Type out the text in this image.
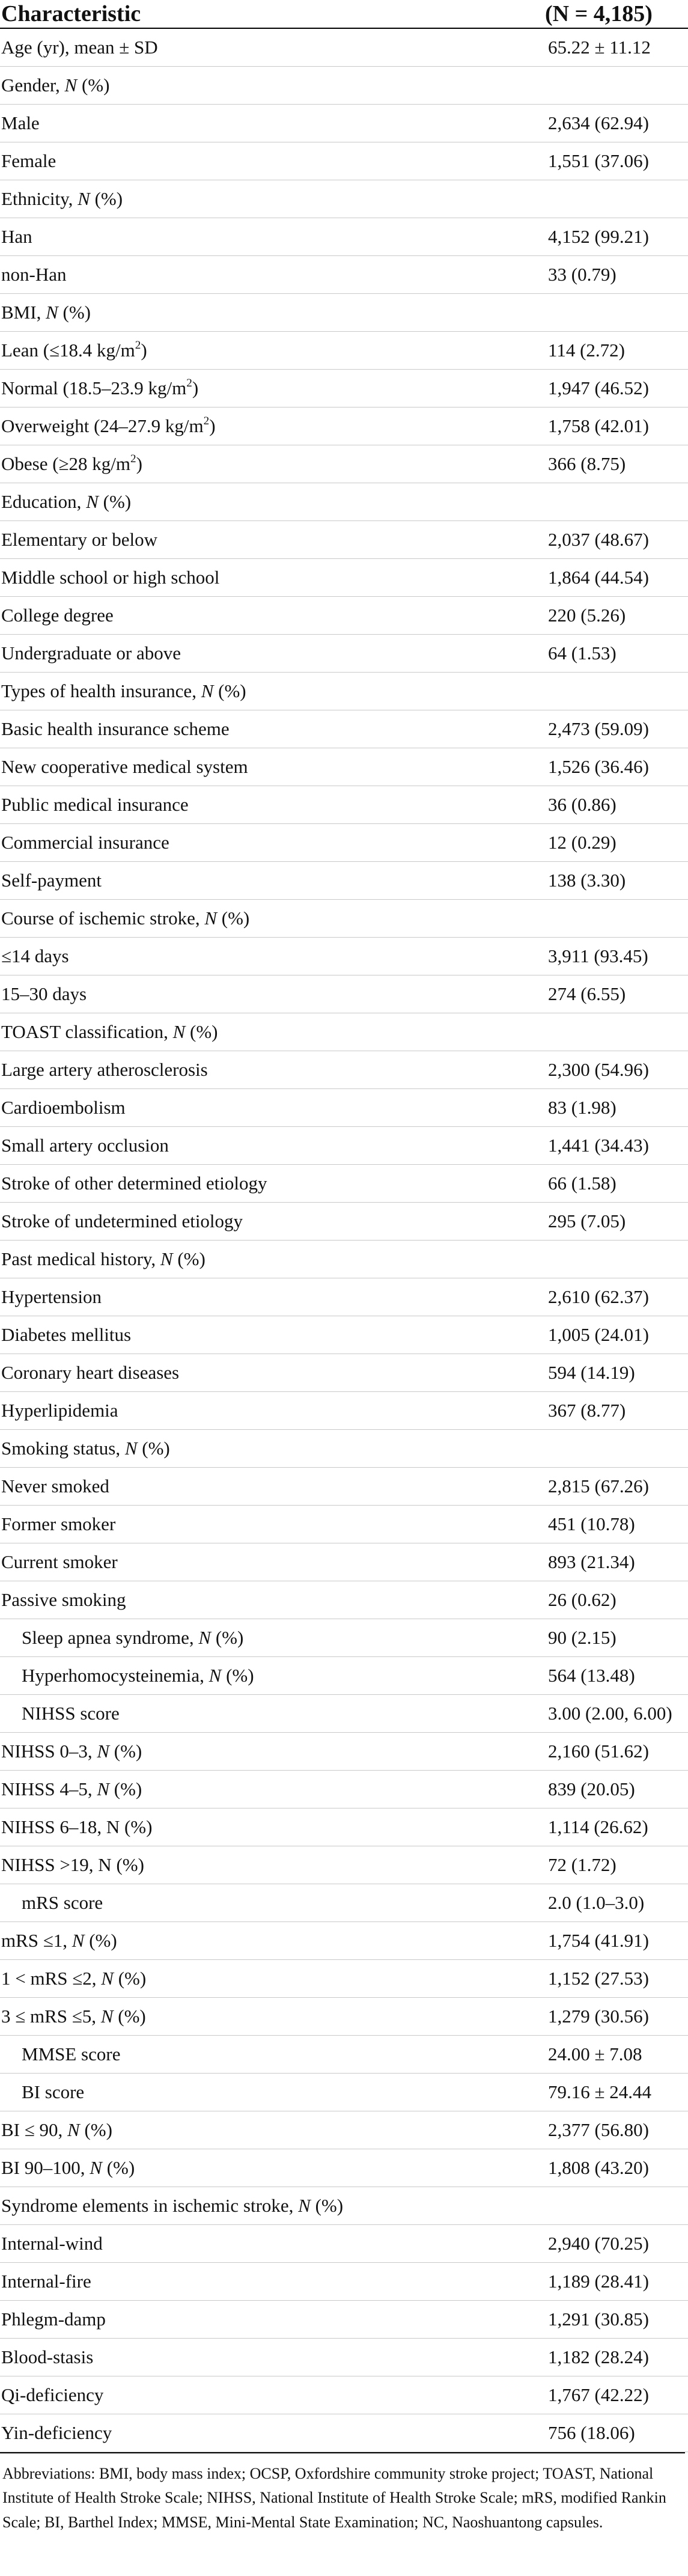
Characteristic	(N = 4,185)
Age (yr), mean ± SD	65.22 ± 11.12
Gender, N (%)
Male	2,634 (62.94)
Female	1,551 (37.06)
Ethnicity, N (%)
Han	4,152 (99.21)
non-Han	33 (0.79)
BMI, N (%)
Lean (≤18.4 $kg/m^2$)	114 (2.72)
Normal (18.5–23.9 $kg/m^2$)	1,947 (46.52)
Overweight (24–27.9 $kg/m^2$)	1,758 (42.01)
Obese (≥28 $kg/m^2$)	366 (8.75)
Education, N (%)
Elementary or below	2,037 (48.67)
Middle school or high school	1,864 (44.54)
College degree	220 (5.26)
Undergraduate or above	64 (1.53)
Types of health insurance, N (%)
Basic health insurance scheme	2,473 (59.09)
New cooperative medical system	1,526 (36.46)
Public medical insurance	36 (0.86)
Commercial insurance	12 (0.29)
Self-payment	138 (3.30)
Course of ischemic stroke, N (%)
≤14 days	3,911 (93.45)
15–30 days	274 (6.55)
TOAST classification, N (%)
Large artery atherosclerosis	2,300 (54.96)
Cardioembolism	83 (1.98)
Small artery occlusion	1,441 (34.43)
Stroke of other determined etiology	66 (1.58)
Stroke of undetermined etiology	295 (7.05)
Past medical history, N (%)
Hypertension	2,610 (62.37)
Diabetes mellitus	1,005 (24.01)
Coronary heart diseases	594 (14.19)
Hyperlipidemia	367 (8.77)
Smoking status, N (%)
Never smoked	2,815 (67.26)
Former smoker	451 (10.78)
Current smoker	893 (21.34)
Passive smoking	26 (0.62)
Sleep apnea syndrome, N (%)	90 (2.15)
Hyperhomocysteinemia, N (%)	564 (13.48)
NIHSS score	3.00 (2.00, 6.00)
NIHSS 0–3, N (%)	2,160 (51.62)
NIHSS 4–5, N (%)	839 (20.05)
NIHSS 6–18, N (%)	1,114 (26.62)
NIHSS >19, N (%)	72 (1.72)
mRS score	2.0 (1.0–3.0)
mRS ≤1, N (%)	1,754 (41.91)
1 < mRS ≤2, N (%)	1,152 (27.53)
3 ≤ mRS ≤5, N (%)	1,279 (30.56)
MMSE score	24.00 ± 7.08
BI score	79.16 ± 24.44
BI ≤ 90, N (%)	2,377 (56.80)
BI 90–100, N (%)	1,808 (43.20)
Syndrome elements in ischemic stroke, N (%)
Internal-wind	2,940 (70.25)
Internal-fire	1,189 (28.41)
Phlegm-damp	1,291 (30.85)
Blood-stasis	1,182 (28.24)
Qi-deficiency	1,767 (42.22)
Yin-deficiency	756 (18.06)
Abbreviations: BMI, body mass index; OCSP, Oxfordshire community stroke project; TOAST, National Institute of Health Stroke Scale; NIHSS, National Institute of Health Stroke Scale; mRS, modified Rankin Scale; BI, Barthel Index; MMSE, Mini-Mental State Examination; NC, Naoshuantong capsules.
